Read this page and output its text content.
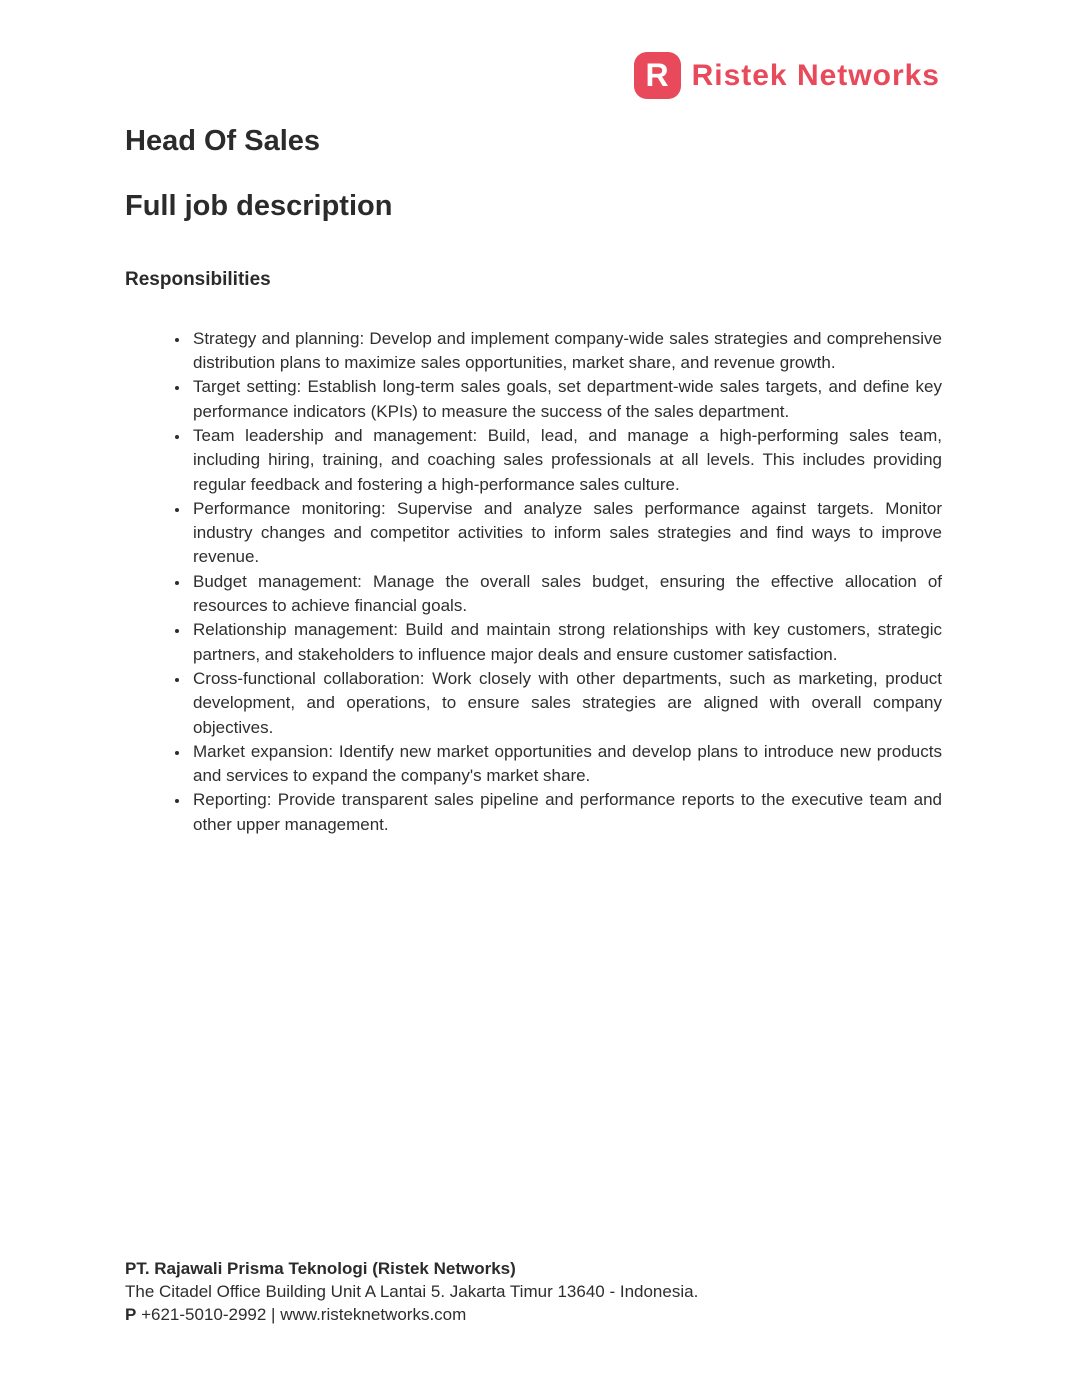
R Ristek Networks
Head Of Sales
Full job description
Responsibilities
• Strategy and planning: Develop and implement company-wide sales strategies and comprehensive distribution plans to maximize sales opportunities, market share, and revenue growth.
• Target setting: Establish long-term sales goals, set department-wide sales targets, and define key performance indicators (KPIs) to measure the success of the sales department.
• Team leadership and management: Build, lead, and manage a high-performing sales team, including hiring, training, and coaching sales professionals at all levels. This includes providing regular feedback and fostering a high-performance sales culture.
• Performance monitoring: Supervise and analyze sales performance against targets. Monitor industry changes and competitor activities to inform sales strategies and find ways to improve revenue.
• Budget management: Manage the overall sales budget, ensuring the effective allocation of resources to achieve financial goals.
• Relationship management: Build and maintain strong relationships with key customers, strategic partners, and stakeholders to influence major deals and ensure customer satisfaction.
• Cross-functional collaboration: Work closely with other departments, such as marketing, product development, and operations, to ensure sales strategies are aligned with overall company objectives.
• Market expansion: Identify new market opportunities and develop plans to introduce new products and services to expand the company's market share.
• Reporting: Provide transparent sales pipeline and performance reports to the executive team and other upper management.
PT. Rajawali Prisma Teknologi (Ristek Networks)
The Citadel Office Building Unit A Lantai 5. Jakarta Timur 13640 - Indonesia.
P +621-5010-2992 | www.risteknetworks.com
